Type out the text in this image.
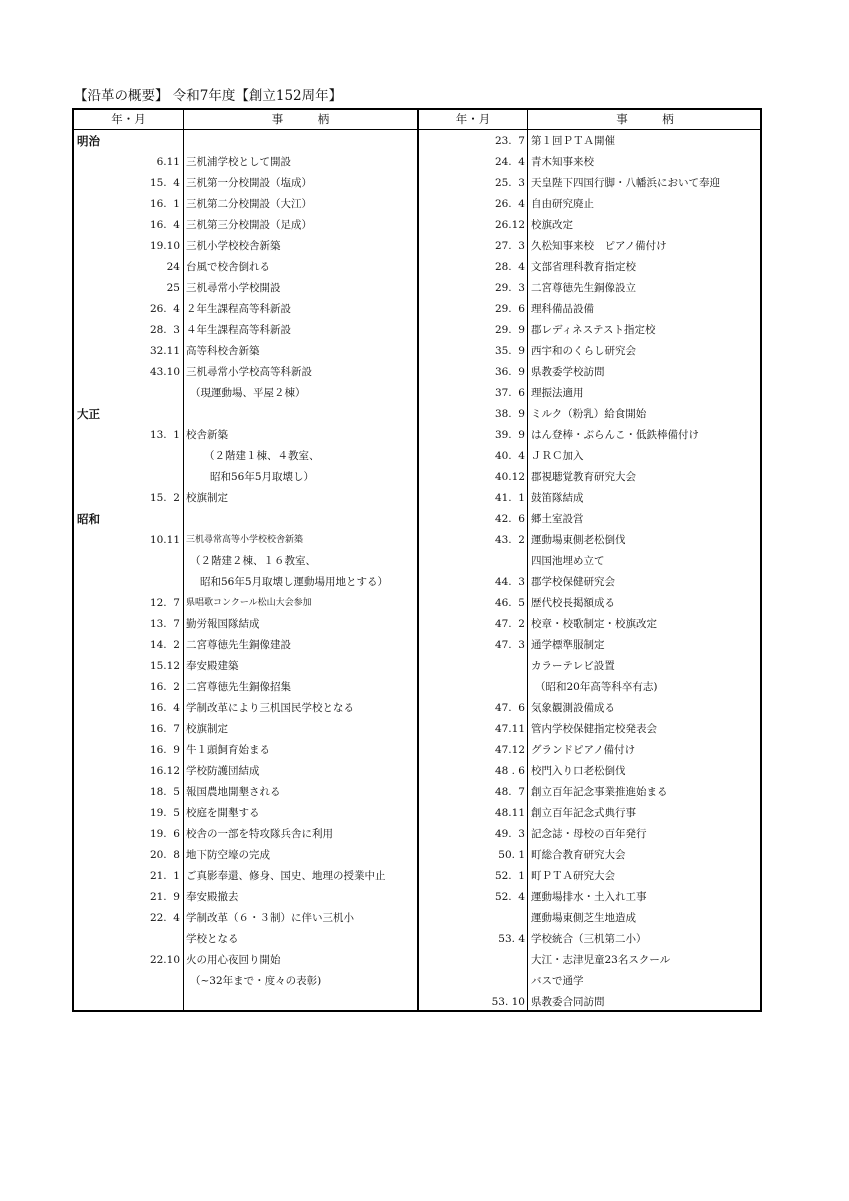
【沿革の概要】 令和7年度【創立152周年】
年・月	事　　　柄	年・月	事　　　柄
明治
6.11 三机浦学校として開設
15.  4 三机第一分校開設（塩成）
16.  1 三机第二分校開設（大江）
16.  4 三机第三分校開設（足成）
19.10 三机小学校校舎新築
24 台風で校舎倒れる
25 三机尋常小学校開設
26.  4 ２年生課程高等科新設
28.  3 ４年生課程高等科新設
32.11 高等科校舎新築
43.10 三机尋常小学校高等科新設
（現運動場、平屋２棟）
大正
13.  1 校舎新築
（２階建１棟、４教室、
昭和56年5月取壊し）
15.  2 校旗制定
昭和
10.11 三机尋常高等小学校校舎新築
（２階建２棟、１６教室、
昭和56年5月取壊し運動場用地とする）
12.  7 県唱歌コンクール松山大会参加
13.  7 勤労報国隊結成
14.  2 二宮尊徳先生銅像建設
15.12 奉安殿建築
16.  2 二宮尊徳先生銅像招集
16.  4 学制改革により三机国民学校となる
16.  7 校旗制定
16.  9 牛１頭飼育始まる
16.12 学校防護団結成
18.  5 報国農地開墾される
19.  5 校庭を開墾する
19.  6 校舎の一部を特攻隊兵舎に利用
20.  8 地下防空壕の完成
21.  1 ご真影奉還、修身、国史、地理の授業中止
21.  9 奉安殿撤去
22.  4 学制改革（６・３制）に伴い三机小
学校となる
22.10 火の用心夜回り開始
（~32年まで・度々の表彰)
23.  7 第１回ＰＴＡ開催
24.  4 青木知事来校
25.  3 天皇陛下四国行脚・八幡浜において奉迎
26.  4 自由研究廃止
26.12 校旗改定
27.  3 久松知事来校　ピアノ備付け
28.  4 文部省理科教育指定校
29.  3 二宮尊徳先生銅像設立
29.  6 理科備品設備
29.  9 郡レディネステスト指定校
35.  9 西宇和のくらし研究会
36.  9 県教委学校訪問
37.  6 理振法適用
38.  9 ミルク（粉乳）給食開始
39.  9 はん登棒・ぶらんこ・低鉄棒備付け
40.  4 ＪＲＣ加入
40.12 郡視聴覚教育研究大会
41.  1 鼓笛隊結成
42.  6 郷土室設営
43.  2 運動場東側老松倒伐
四国池埋め立て
44.  3 郡学校保健研究会
46.  5 歴代校長掲額成る
47.  2 校章・校歌制定・校旗改定
47.  3 通学標準服制定
カラーテレビ設置
（昭和20年高等科卒有志)
47.  6 気象観測設備成る
47.11 管内学校保健指定校発表会
47.12 グランドピアノ備付け
48 . 6 校門入り口老松倒伐
48.  7 創立百年記念事業推進始まる
48.11 創立百年記念式典行事
49.  3 記念誌・母校の百年発行
50. 1 町総合教育研究大会
52.  1 町ＰＴＡ研究大会
52.  4 運動場排水・土入れ工事
運動場東側芝生地造成
53. 4 学校統合（三机第二小）
大江・志津児童23名スクール
バスで通学
53. 10 県教委合同訪問
